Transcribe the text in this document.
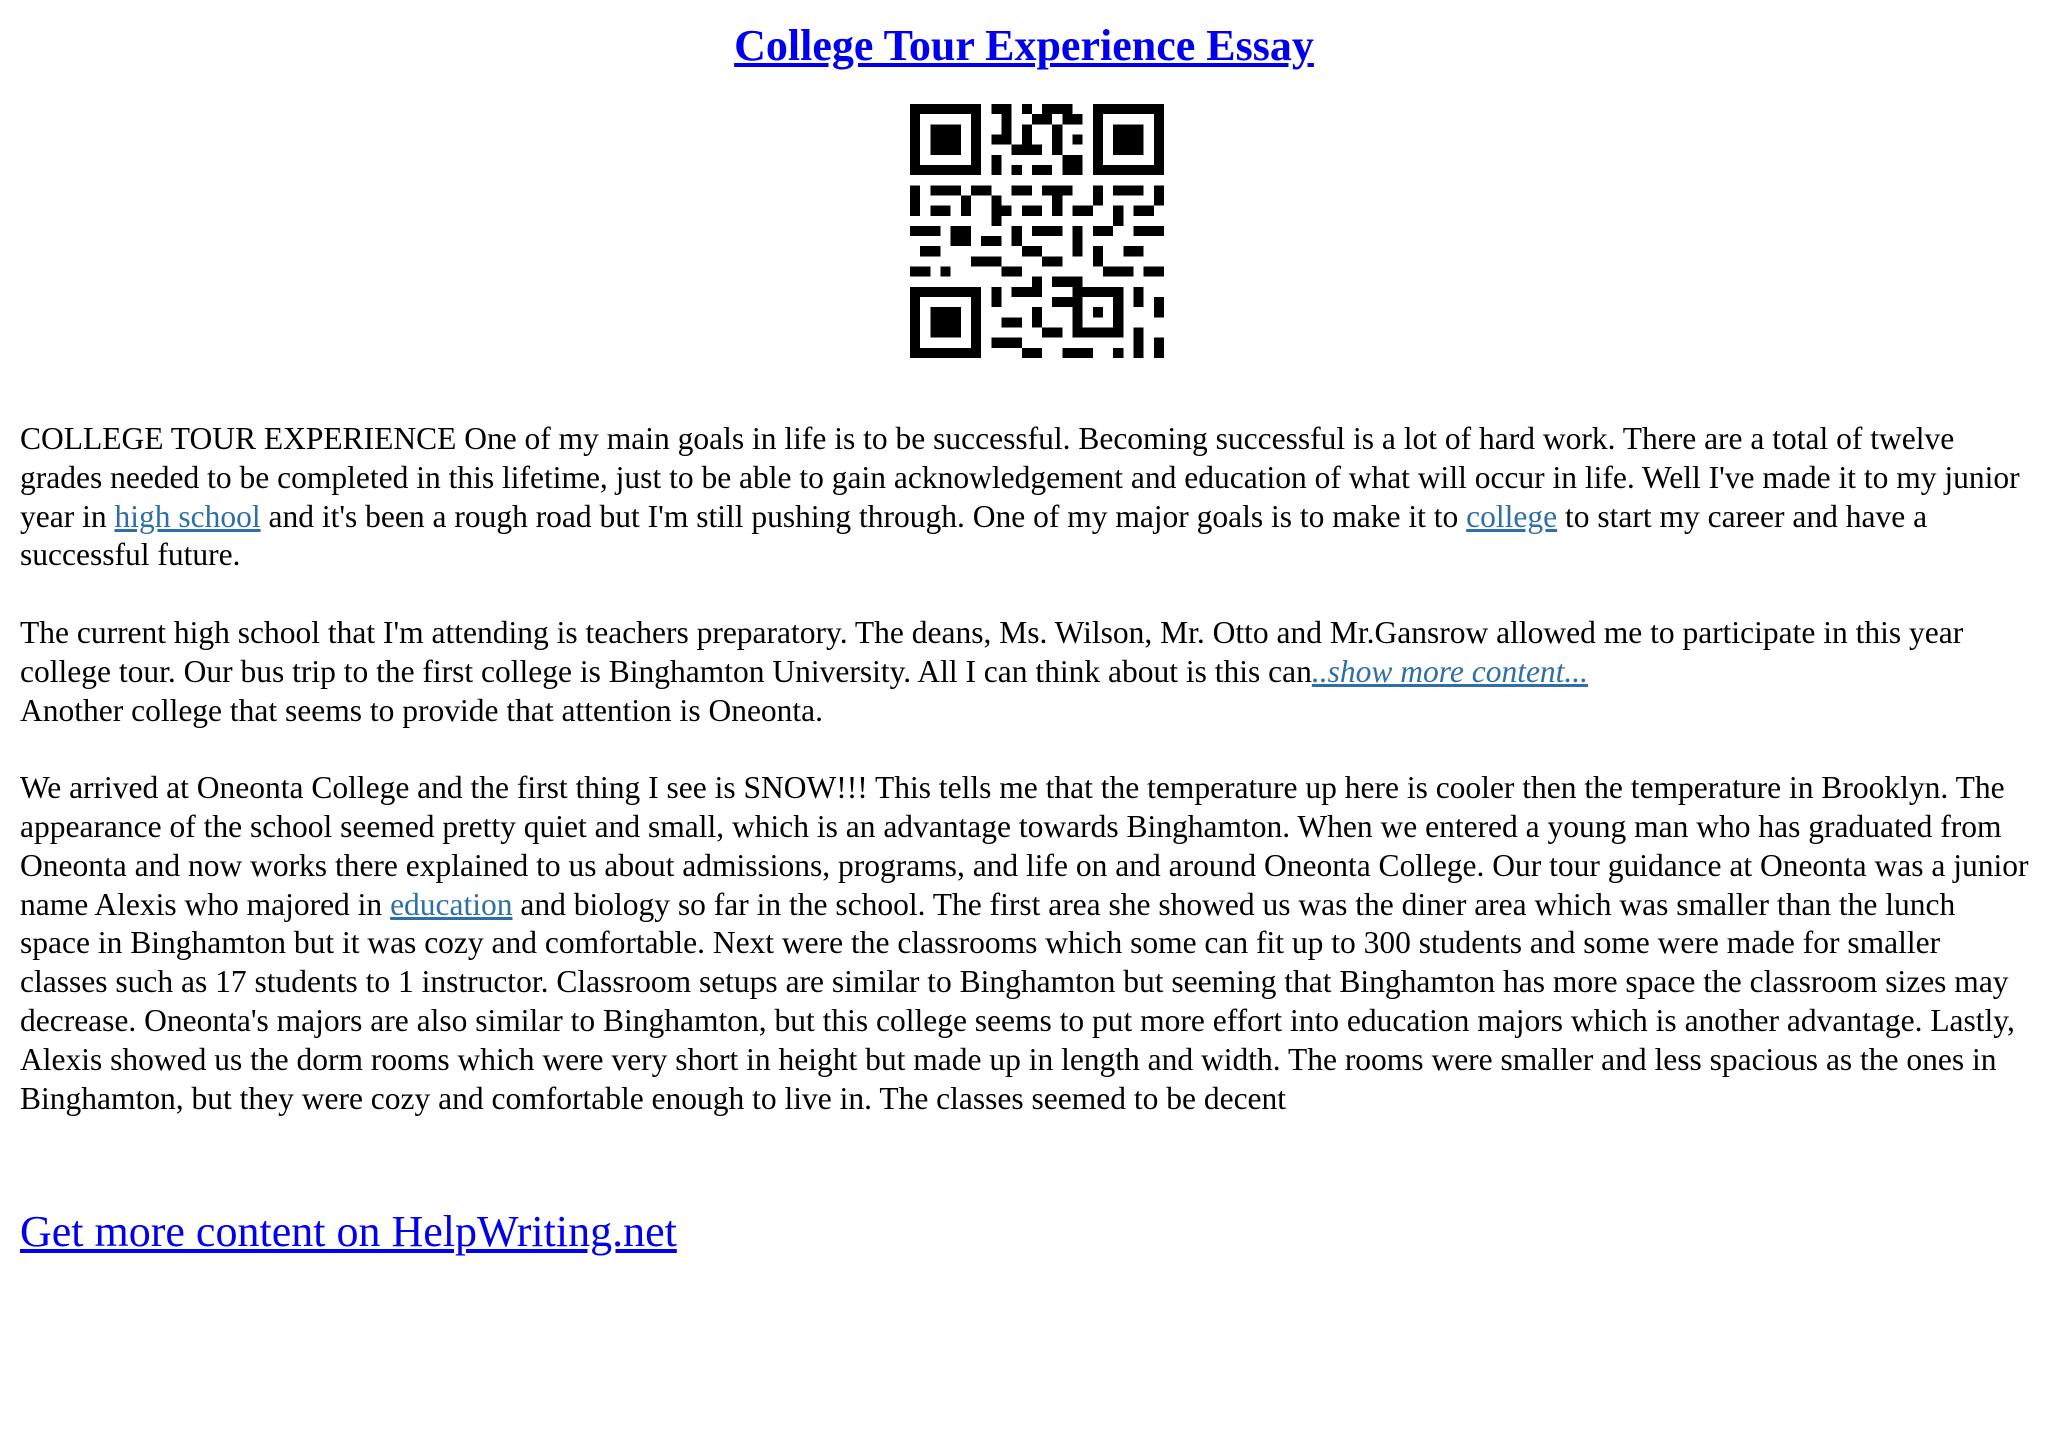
College Tour Experience Essay

COLLEGE TOUR EXPERIENCE One of my main goals in life is to be successful. Becoming successful is a lot of hard work. There are a total of twelve grades needed to be completed in this lifetime, just to be able to gain acknowledgement and education of what will occur in life. Well I've made it to my junior year in high school and it's been a rough road but I'm still pushing through. One of my major goals is to make it to college to start my career and have a successful future.

The current high school that I'm attending is teachers preparatory. The deans, Ms. Wilson, Mr. Otto and Mr.Gansrow allowed me to participate in this year college tour. Our bus trip to the first college is Binghamton University. All I can think about is this can..show more content...

Another college that seems to provide that attention is Oneonta.

We arrived at Oneonta College and the first thing I see is SNOW!!! This tells me that the temperature up here is cooler then the temperature in Brooklyn. The appearance of the school seemed pretty quiet and small, which is an advantage towards Binghamton. When we entered a young man who has graduated from Oneonta and now works there explained to us about admissions, programs, and life on and around Oneonta College. Our tour guidance at Oneonta was a junior name Alexis who majored in education and biology so far in the school. The first area she showed us was the diner area which was smaller than the lunch space in Binghamton but it was cozy and comfortable. Next were the classrooms which some can fit up to 300 students and some were made for smaller classes such as 17 students to 1 instructor. Classroom setups are similar to Binghamton but seeming that Binghamton has more space the classroom sizes may decrease. Oneonta's majors are also similar to Binghamton, but this college seems to put more effort into education majors which is another advantage. Lastly, Alexis showed us the dorm rooms which were very short in height but made up in length and width. The rooms were smaller and less spacious as the ones in Binghamton, but they were cozy and comfortable enough to live in. The classes seemed to be decent

Get more content on HelpWriting.net
